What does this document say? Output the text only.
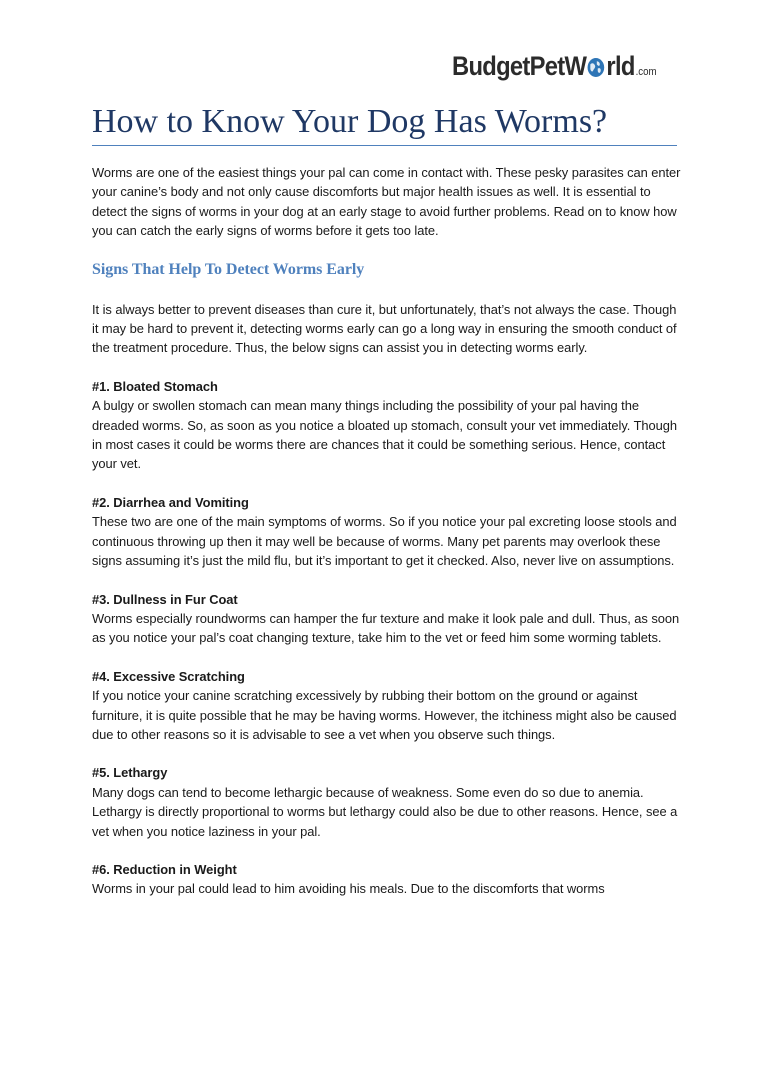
BudgetPetW rld .com
How to Know Your Dog Has Worms?

Worms are one of the easiest things your pal can come in contact with. These pesky parasites can enter your canine’s body and not only cause discomforts but major health issues as well. It is essential to detect the signs of worms in your dog at an early stage to avoid further problems. Read on to know how you can catch the early signs of worms before it gets too late.

Signs That Help To Detect Worms Early

It is always better to prevent diseases than cure it, but unfortunately, that’s not always the case. Though it may be hard to prevent it, detecting worms early can go a long way in ensuring the smooth conduct of the treatment procedure. Thus, the below signs can assist you in detecting worms early.

#1. Bloated Stomach

A bulgy or swollen stomach can mean many things including the possibility of your pal having the dreaded worms. So, as soon as you notice a bloated up stomach, consult your vet immediately. Though in most cases it could be worms there are chances that it could be something serious. Hence, contact your vet.

#2. Diarrhea and Vomiting

These two are one of the main symptoms of worms. So if you notice your pal excreting loose stools and continuous throwing up then it may well be because of worms. Many pet parents may overlook these signs assuming it’s just the mild flu, but it’s important to get it checked. Also, never live on assumptions.

#3. Dullness in Fur Coat

Worms especially roundworms can hamper the fur texture and make it look pale and dull. Thus, as soon as you notice your pal’s coat changing texture, take him to the vet or feed him some worming tablets.

#4. Excessive Scratching

If you notice your canine scratching excessively by rubbing their bottom on the ground or against furniture, it is quite possible that he may be having worms. However, the itchiness might also be caused due to other reasons so it is advisable to see a vet when you observe such things.

#5. Lethargy

Many dogs can tend to become lethargic because of weakness. Some even do so due to anemia. Lethargy is directly proportional to worms but lethargy could also be due to other reasons. Hence, see a vet when you notice laziness in your pal.

#6. Reduction in Weight

Worms in your pal could lead to him avoiding his meals. Due to the discomforts that worms
